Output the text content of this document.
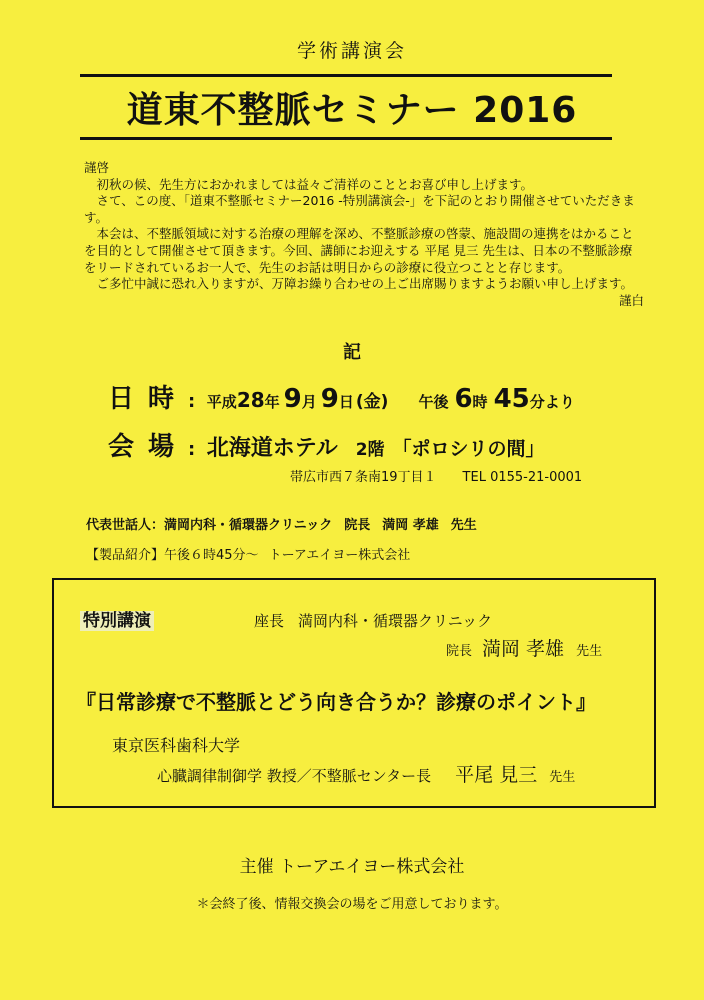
学術講演会
道東不整脈セミナー 2016

謹啓

初秋の候、先生方におかれましては益々ご清祥のこととお喜び申し上げます。

さて、この度、「道東不整脈セミナー2016 -特別講演会-」を下記のとおり開催させていただきます。

本会は、不整脈領域に対する治療の理解を深め、不整脈診療の啓蒙、施設間の連携をはかることを目的として開催させて頂きます。今回、講師にお迎えする 平尾 見三 先生は、日本の不整脈診療をリードされているお一人で、先生のお話は明日からの診療に役立つことと存じます。

ご多忙中誠に恐れ入りますが、万障お繰り合わせの上ご出席賜りますようお願い申し上げます。

謹白

記
日時: 平成28年 9月 9日 (金) 午後 6時 45分より
会場: 北海道ホテル 2階 「ポロシリの間」
帯広市西７条南19丁目１ TEL 0155-21-0001
代表世話人：満岡内科・循環器クリニック 院長 満岡 孝雄 先生
【製品紹介】午後６時45分～ トーアエイヨー株式会社
特別講演	座長 満岡内科・循環器クリニック
院長 満岡 孝雄 先生
『日常診療で不整脈とどう向き合うか？診療のポイント』
東京医科歯科大学
心臓調律制御学 教授／不整脈センター長 平尾 見三 先生
主催 トーアエイヨー株式会社
＊会終了後、情報交換会の場をご用意しております。
